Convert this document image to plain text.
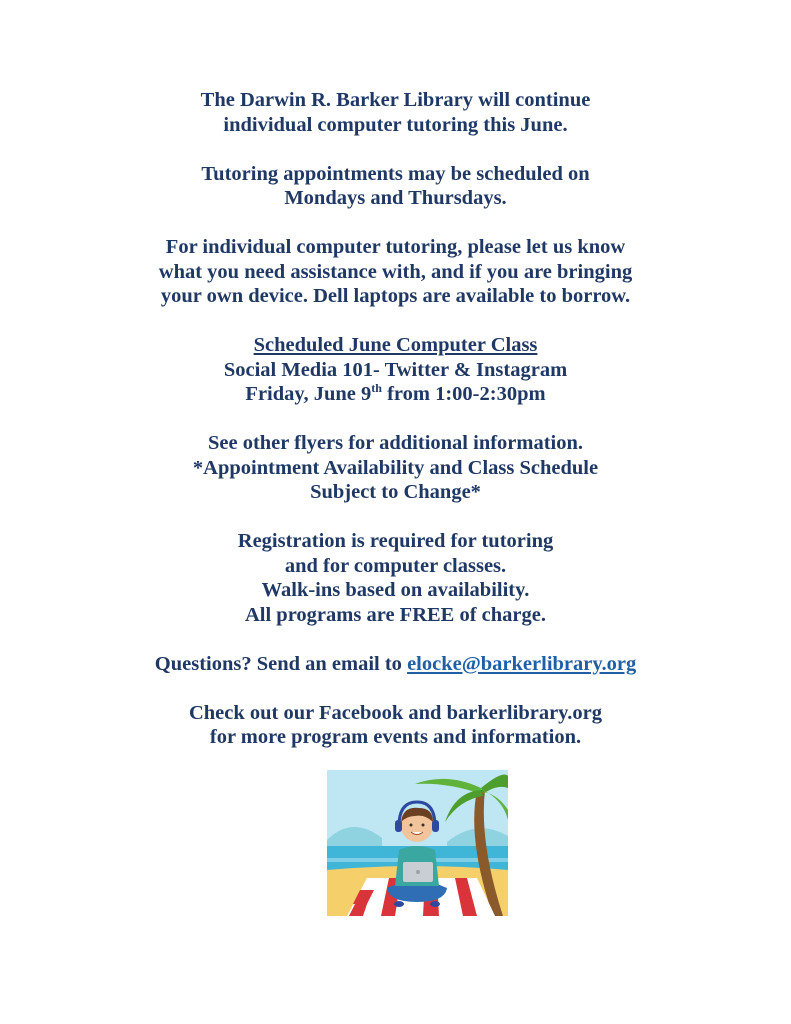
The Darwin R. Barker Library will continue
individual computer tutoring this June.

Tutoring appointments may be scheduled on
Mondays and Thursdays.

For individual computer tutoring, please let us know
what you need assistance with, and if you are bringing
your own device. Dell laptops are available to borrow.

Scheduled June Computer Class
Social Media 101- Twitter & Instagram
Friday, June 9th from 1:00-2:30pm

See other flyers for additional information.
*Appointment Availability and Class Schedule
Subject to Change*

Registration is required for tutoring
and for computer classes.
Walk-ins based on availability.
All programs are FREE of charge.

Questions? Send an email to elocke@barkerlibrary.org

Check out our Facebook and barkerlibrary.org
for more program events and information.
